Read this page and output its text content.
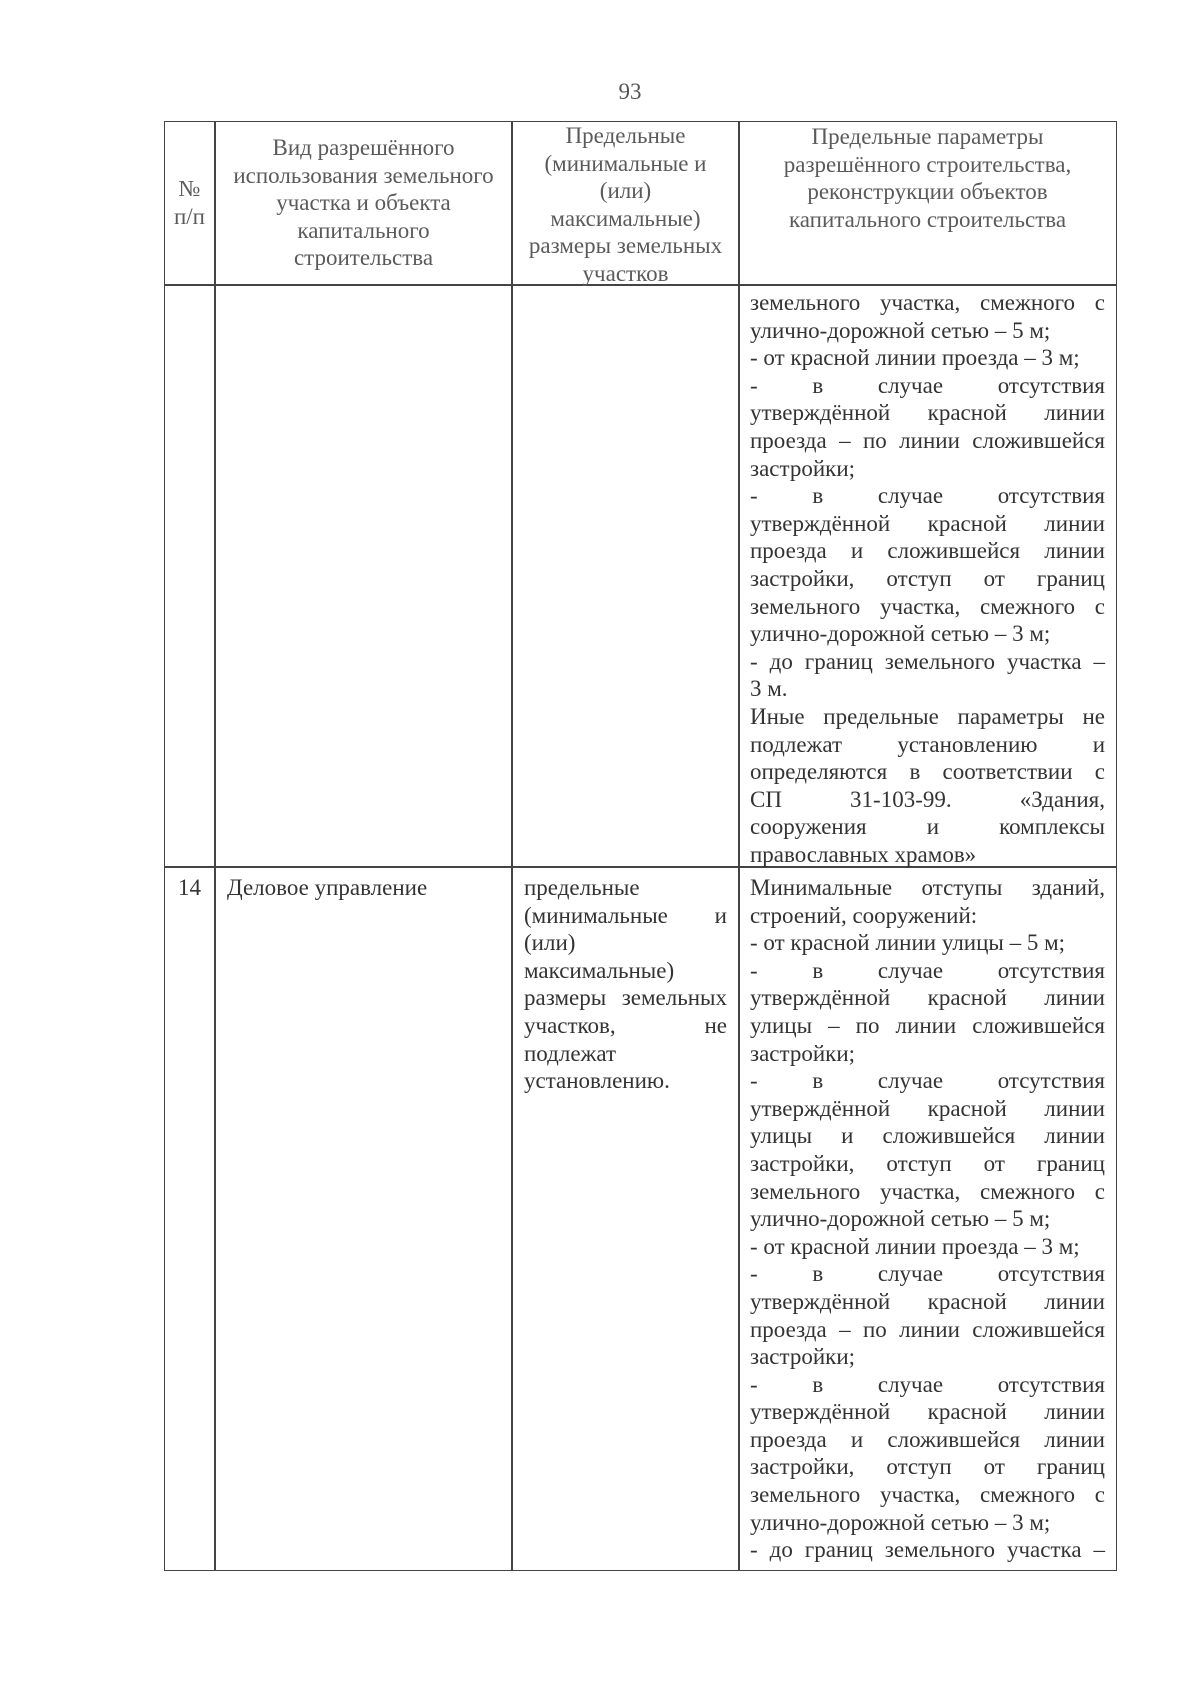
93
№
п/п
Вид разрешённого
использования земельного
участка и объекта
капитального
строительства
Предельные
(минимальные и
(или)
максимальные)
размеры земельных
участков
Предельные параметры
разрешённого строительства,
реконструкции объектов
капитального строительства
земельного участка, смежного с
улично-дорожной сетью – 5 м;
- от красной линии проезда – 3 м;
- в случае отсутствия
утверждённой красной линии
проезда – по линии сложившейся
застройки;
- в случае отсутствия
утверждённой красной линии
проезда и сложившейся линии
застройки, отступ от границ
земельного участка, смежного с
улично-дорожной сетью – 3 м;
- до границ земельного участка –
3 м.
Иные предельные параметры не
подлежат установлению и
определяются в соответствии с
СП 31-103-99. «Здания,
сооружения и комплексы
православных храмов»
14	Деловое управление	предельные
(минимальные и
(или)
максимальные)
размеры земельных
участков, не
подлежат
установлению.
Минимальные отступы зданий,
строений, сооружений:
- от красной линии улицы – 5 м;
- в случае отсутствия
утверждённой красной линии
улицы – по линии сложившейся
застройки;
- в случае отсутствия
утверждённой красной линии
улицы и сложившейся линии
застройки, отступ от границ
земельного участка, смежного с
улично-дорожной сетью – 5 м;
- от красной линии проезда – 3 м;
- в случае отсутствия
утверждённой красной линии
проезда – по линии сложившейся
застройки;
- в случае отсутствия
утверждённой красной линии
проезда и сложившейся линии
застройки, отступ от границ
земельного участка, смежного с
улично-дорожной сетью – 3 м;
- до границ земельного участка –
